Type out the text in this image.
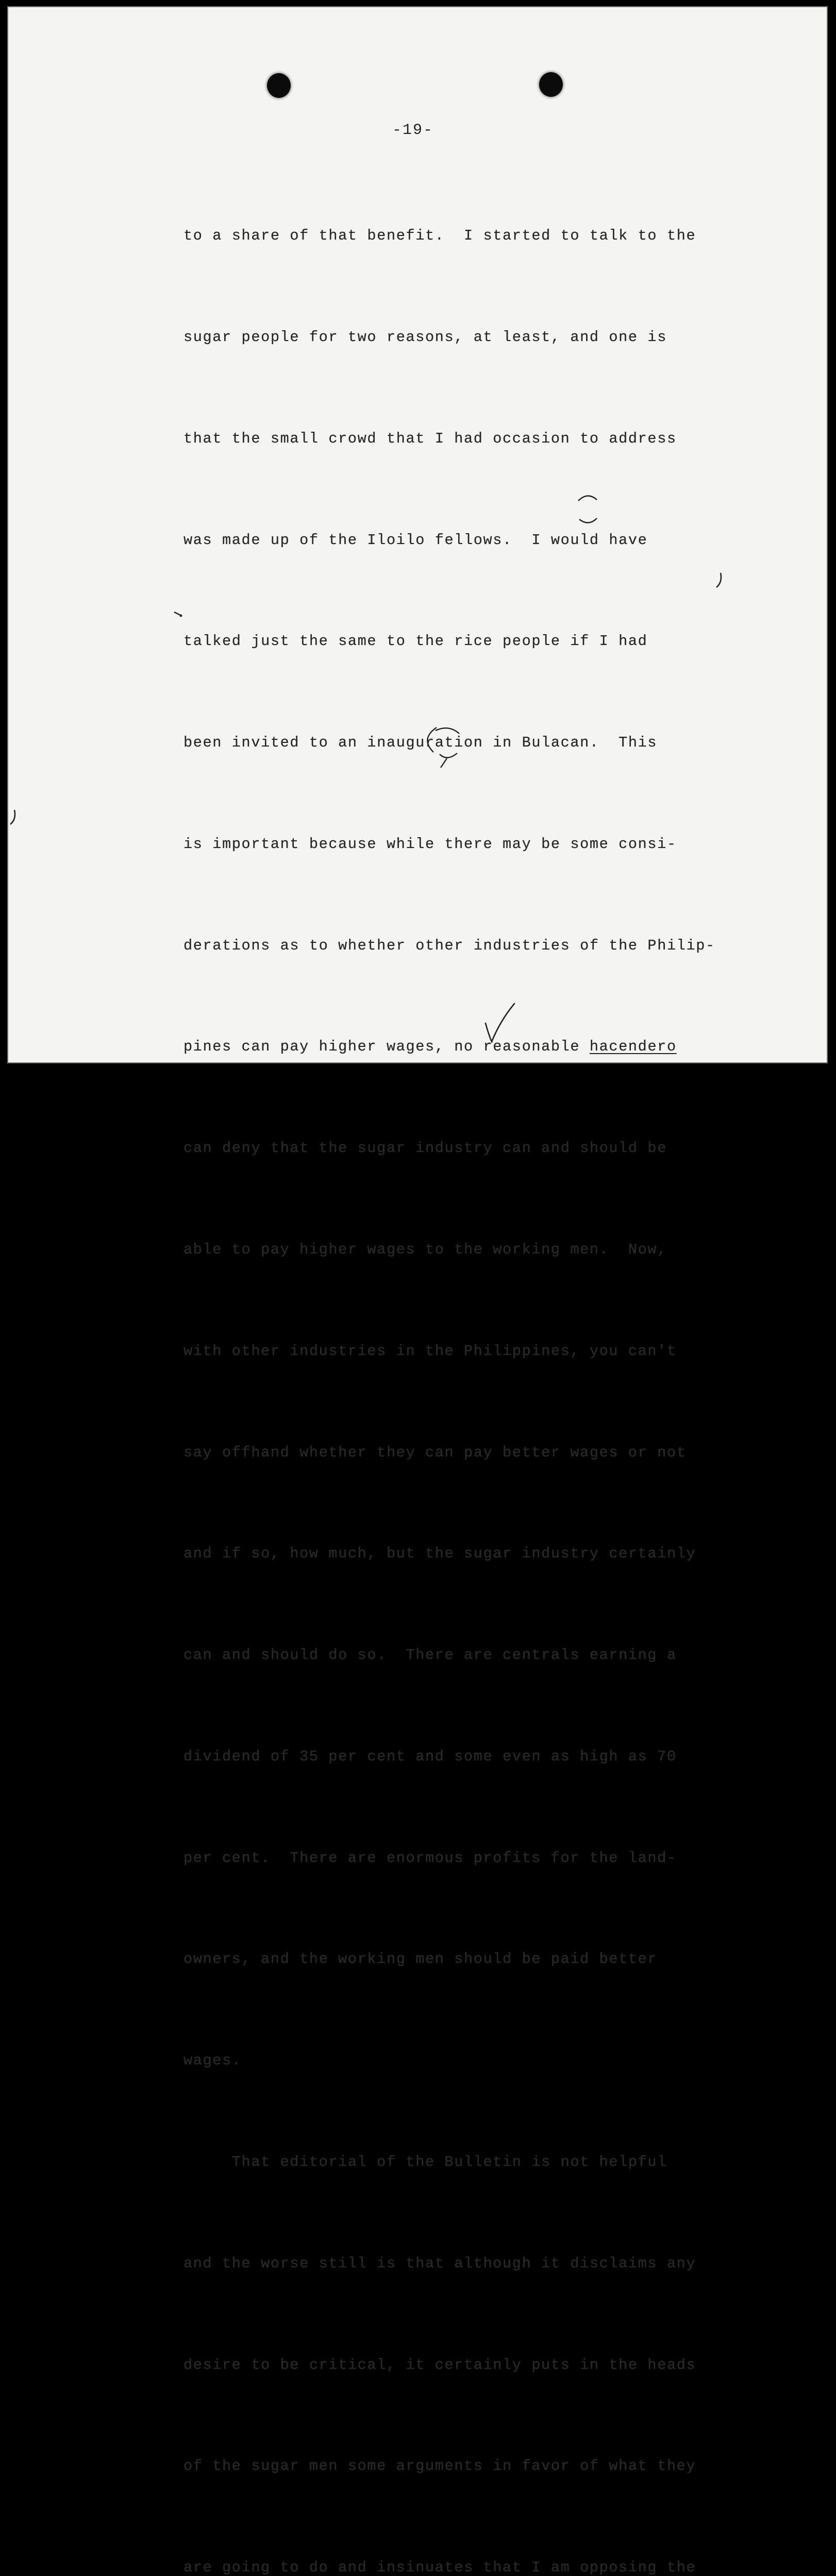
-19-

to a share of that benefit.  I started to talk to the

sugar people for two reasons, at least, and one is

that the small crowd that I had occasion to address

was made up of the Iloilo fellows.  I would have

talked just the same to the rice people if I had

been invited to an inauguration in Bulacan.  This

is important because while there may be some consi-

derations as to whether other industries of the Philip-

pines can pay higher wages, no reasonable hacendero

can deny that the sugar industry can and should be

able to pay higher wages to the working men.  Now,

with other industries in the Philippines, you can't

say offhand whether they can pay better wages or not

and if so, how much, but the sugar industry certainly

can and should do so.  There are centrals earning a

dividend of 35 per cent and some even as high as 70

per cent.  There are enormous profits for the land-

owners, and the working men should be paid better

wages.

That editorial of the Bulletin is not helpful

and the worse still is that although it disclaims any

desire to be critical, it certainly puts in the heads

of the sugar men some arguments in favor of what they

are going to do and insinuates that I am opposing the
